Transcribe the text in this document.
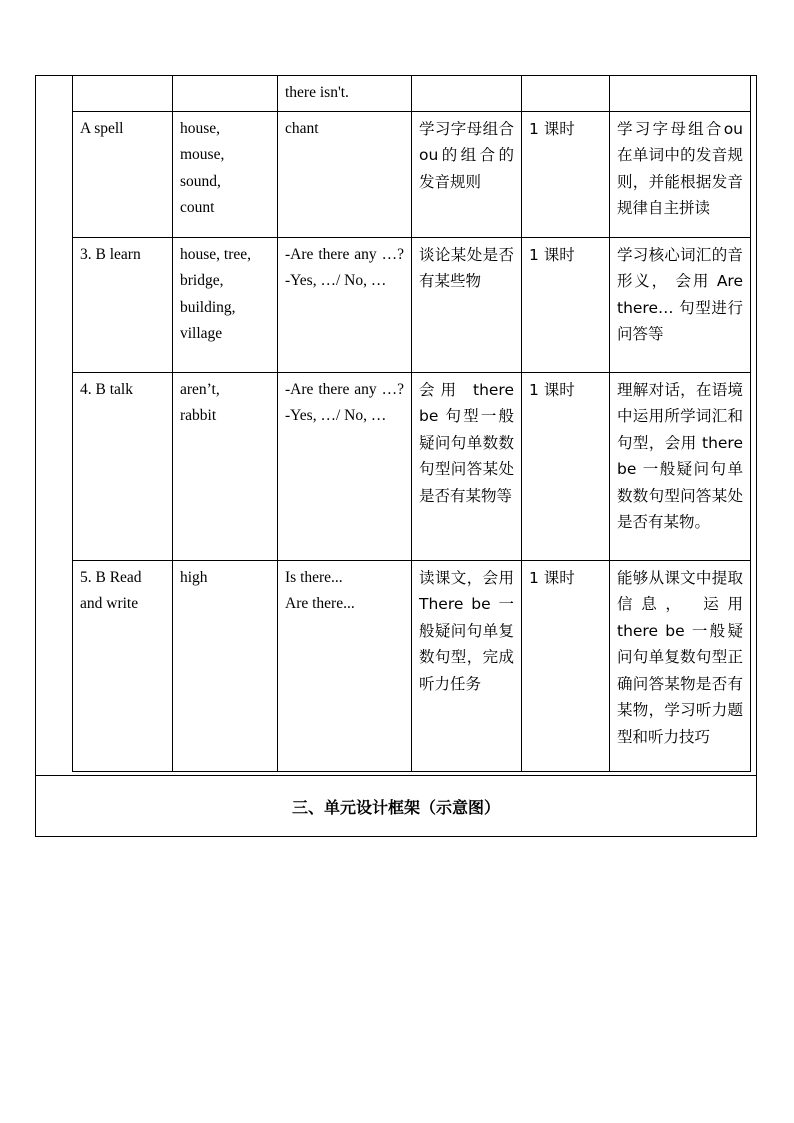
		there isn't.			
A spell	house,
mouse,
sound,
count	chant	学习字母组合ou的组合的发音规则	1 课时	学习字母组合ou 在单词中的发音规则，并能根据发音规律自主拼读
3. B learn	house, tree,
bridge,
building,
village	-Are there any …?-Yes, …/ No, …	谈论某处是否有某些物	1 课时	学习核心词汇的音形义， 会用 Are there… 句型进行问答等
4. B talk	aren’t,
rabbit	-Are there any …?-Yes, …/ No, …	会用 there be 句型一般疑问句单数数句型问答某处是否有某物等	1 课时	理解对话，在语境中运用所学词汇和句型，会用 there be 一般疑问句单数数句型问答某处是否有某物。
5. B Read and write	high	Is there...
Are there...	读课文，会用 There be 一般疑问句单复数句型，完成听力任务	1 课时	能够从课文中提取信息， 运用 there be 一般疑问句单复数句型正确问答某物是否有某物，学习听力题型和听力技巧
三、单元设计框架（示意图）
